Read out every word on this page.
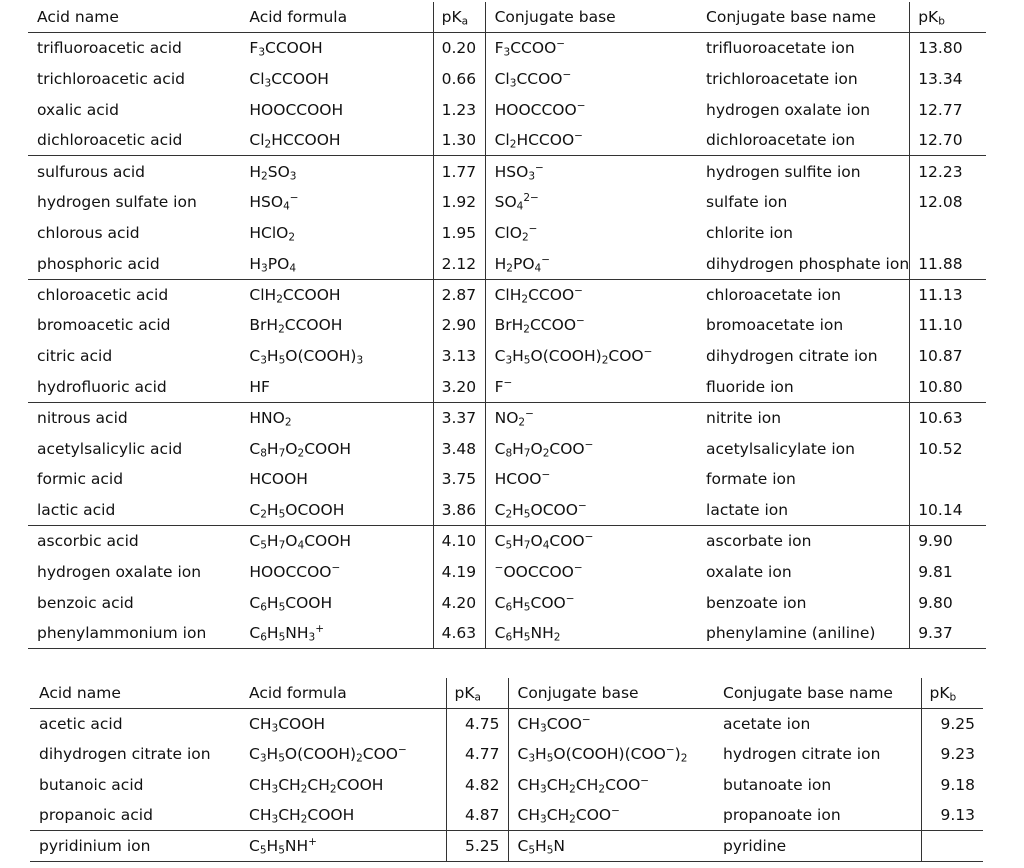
Acid name	Acid formula	$pK_a$	Conjugate base	Conjugate base name	$pK_b$
trifluoroacetic acid	$F_3CCOOH$	0.20	$F_3CCOO^-$	trifluoroacetate ion	13.80
trichloroacetic acid	$Cl_3CCOOH$	0.66	$Cl_3CCOO^-$	trichloroacetate ion	13.34
oxalic acid	HOOCCOOH	1.23	HOOCCOO−	hydrogen oxalate ion	12.77
dichloroacetic acid	$Cl_2HCCOOH$	1.30	$Cl_2HCCOO^-$	dichloroacetate ion	12.70
sulfurous acid	$H_2SO_3$	1.77	$HSO_3^-$	hydrogen sulfite ion	12.23
hydrogen sulfate ion	$HSO_4^-$	1.92	$SO_4^{2-}$	sulfate ion	12.08
chlorous acid	HClO$_2$	1.95	ClO$_2$−	chlorite ion	
phosphoric acid	$H_3PO_4$	2.12	$H_2PO_4^-$	dihydrogen phosphate ion	11.88
chloroacetic acid	ClH$_2$CCOOH	2.87	ClH$_2$CCOO−	chloroacetate ion	11.13
bromoacetic acid	BrH$_2$CCOOH	2.90	BrH$_2$CCOO−	bromoacetate ion	11.10
citric acid	$C_3H_5O(COOH)_3$	3.13	$C_3H_5O(COOH)_2COO^-$	dihydrogen citrate ion	10.87
hydrofluoric acid	HF	3.20	F−	fluoride ion	10.80
nitrous acid	$HNO_2$	3.37	$NO_2^-$	nitrite ion	10.63
acetylsalicylic acid	$C_8H_7O_2COOH$	3.48	$C_8H_7O_2COO^-$	acetylsalicylate ion	10.52
formic acid	HCOOH	3.75	HCOO−	formate ion	
lactic acid	$C_2H_5OCOOH$	3.86	$C_2H_5OCOO^-$	lactate ion	10.14
ascorbic acid	$C_5H_7O_4COOH$	4.10	$C_5H_7O_4COO^-$	ascorbate ion	9.90
hydrogen oxalate ion	HOOCCOO−	4.19	−OOCCOO−	oxalate ion	9.81
benzoic acid	$C_6H_5COOH$	4.20	$C_6H_5COO^-$	benzoate ion	9.80
phenylammonium ion	$C_6H_5NH_3^+$	4.63	$C_6H_5NH_2$	phenylamine (aniline)	9.37
Acid name	Acid formula	$pK_a$	Conjugate base	Conjugate base name	$pK_b$
acetic acid	$CH_3COOH$	4.75	$CH_3COO^-$	acetate ion	9.25
dihydrogen citrate ion	$C_3H_5O(COOH)_2COO^-$	4.77	$C_3H_5O(COOH)(COO^-)_2$	hydrogen citrate ion	9.23
butanoic acid	$CH_3CH_2CH_2COOH$	4.82	$CH_3CH_2CH_2COO^-$	butanoate ion	9.18
propanoic acid	$CH_3CH_2COOH$	4.87	$CH_3CH_2COO^-$	propanoate ion	9.13
pyridinium ion	$C_5H_5NH^+$	5.25	$C_5H_5N$	pyridine	
